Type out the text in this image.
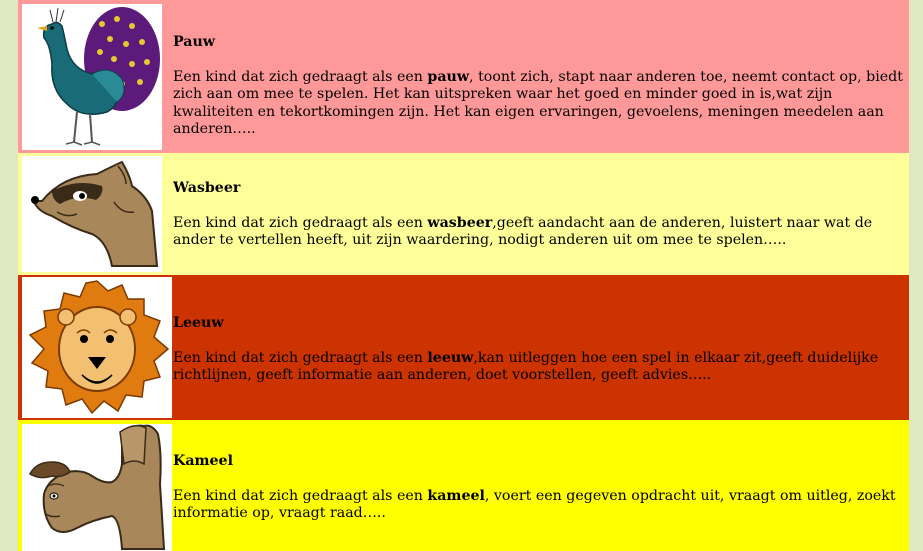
Pauw

Een kind dat zich gedraagt als een pauw, toont zich, stapt naar anderen toe, neemt contact op, biedt zich aan om mee te spelen. Het kan uitspreken waar het goed en minder goed in is,wat zijn kwaliteiten en tekortkomingen zijn. Het kan eigen ervaringen, gevoelens, meningen meedelen aan anderen…..

Wasbeer

Een kind dat zich gedraagt als een wasbeer,geeft aandacht aan de anderen, luistert naar wat de ander te vertellen heeft, uit zijn waardering, nodigt anderen uit om mee te spelen…..

Leeuw

Een kind dat zich gedraagt als een leeuw,kan uitleggen hoe een spel in elkaar zit,geeft duidelijke richtlijnen, geeft informatie aan anderen, doet voorstellen, geeft advies…..

Kameel

Een kind dat zich gedraagt als een kameel, voert een gegeven opdracht uit, vraagt om uitleg, zoekt informatie op, vraagt raad…..
